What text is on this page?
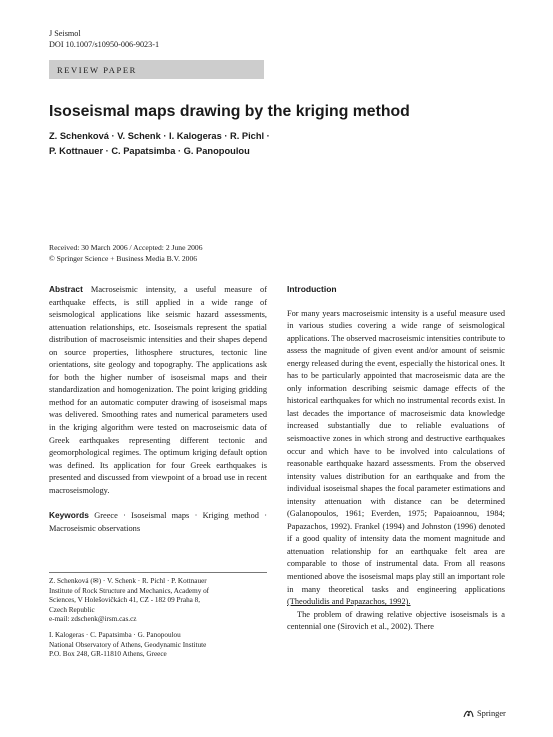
J Seismol
DOI 10.1007/s10950-006-9023-1
REVIEW PAPER
Isoseismal maps drawing by the kriging method
Z. Schenková · V. Schenk · I. Kalogeras · R. Pichl ·
P. Kottnauer · C. Papatsimba · G. Panopoulou
Received: 30 March 2006 / Accepted: 2 June 2006
© Springer Science + Business Media B.V. 2006

Abstract Macroseismic intensity, a useful measure of earthquake effects, is still applied in a wide range of seismological applications like seismic hazard assessments, attenuation relationships, etc. Isoseismals represent the spatial distribution of macroseismic intensities and their shapes depend on source properties, lithosphere structures, tectonic line orientations, site geology and topography. The applications ask for both the higher number of isoseismal maps and their standardization and homogenization. The point kriging gridding method for an automatic computer drawing of isoseismal maps was delivered. Smoothing rates and numerical parameters used in the kriging algorithm were tested on macroseismic data of Greek earthquakes representing different tectonic and geomorphological regimes. The optimum kriging default option was defined. Its application for four Greek earthquakes is presented and discussed from viewpoint of a broad use in recent macroseismology.

Keywords Greece · Isoseismal maps · Kriging method · Macroseismic observations

Z. Schenková (✉) · V. Schenk · R. Pichl · P. Kottnauer
Institute of Rock Structure and Mechanics, Academy of
Sciences, V Holešovičkách 41, CZ - 182 09 Praha 8,
Czech Republic
e-mail: zdschenk@irsm.cas.cz
I. Kalogeras · C. Papatsimba · G. Panopoulou
National Observatory of Athens, Geodynamic Institute
P.O. Box 248, GR-11810 Athens, Greece
Introduction

For many years macroseismic intensity is a useful measure used in various studies covering a wide range of seismological applications. The observed macroseismic intensities contribute to assess the magnitude of given event and/or amount of seismic energy released during the event, especially the historical ones. It has to be particularly appointed that macroseismic data are the only information describing seismic damage effects of the historical earthquakes for which no instrumental records exist. In last decades the importance of macroseismic data knowledge increased substantially due to reliable evaluations of seismoactive zones in which strong and destructive earthquakes occur and which have to be involved into calculations of reasonable earthquake hazard assessments. From the observed intensity values distribution for an earthquake and from the individual isoseismal shapes the focal parameter estimations and intensity attenuation with distance can be determined (Galanopoulos, 1961; Everden, 1975; Papaioannou, 1984; Papazachos, 1992). Frankel (1994) and Johnston (1996) denoted if a good quality of intensity data the moment magnitude and attenuation relationship for an earthquake felt area are comparable to those of instrumental data. From all reasons mentioned above the isoseismal maps play still an important role in many theoretical tasks and engineering applications (Theodulidis and Papazachos, 1992).

The problem of drawing relative objective isoseismals is a centennial one (Sirovich et al., 2002). There

Springer
